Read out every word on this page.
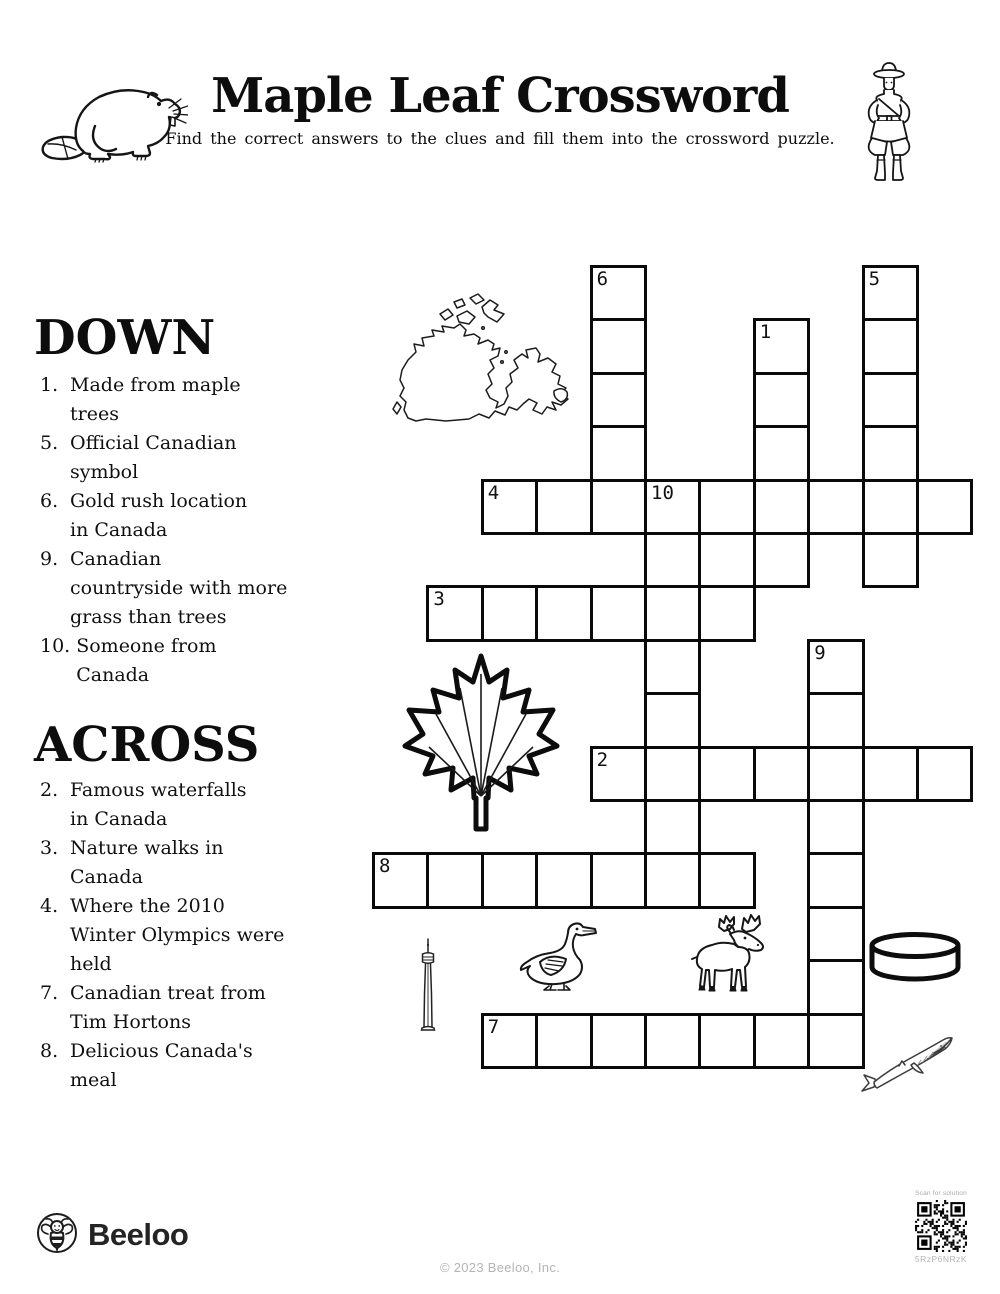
Maple Leaf Crossword

Find the correct answers to the clues and fill them into the crossword puzzle.

DOWN
1. Made from maple
trees
5. Official Canadian
symbol
6. Gold rush location
in Canada
9. Canadian
countryside with more
grass than trees
10. Someone from
Canada
ACROSS
2. Famous waterfalls
in Canada
3. Nature walks in
Canada
4. Where the 2010
Winter Olympics were
held
7. Canadian treat from
Tim Hortons
8. Delicious Canada's
meal
6	5
1
4	10
3
9
2
8
7
Beeloo
© 2023 Beeloo, Inc.
Scan for solution
5RzP6NRzK
